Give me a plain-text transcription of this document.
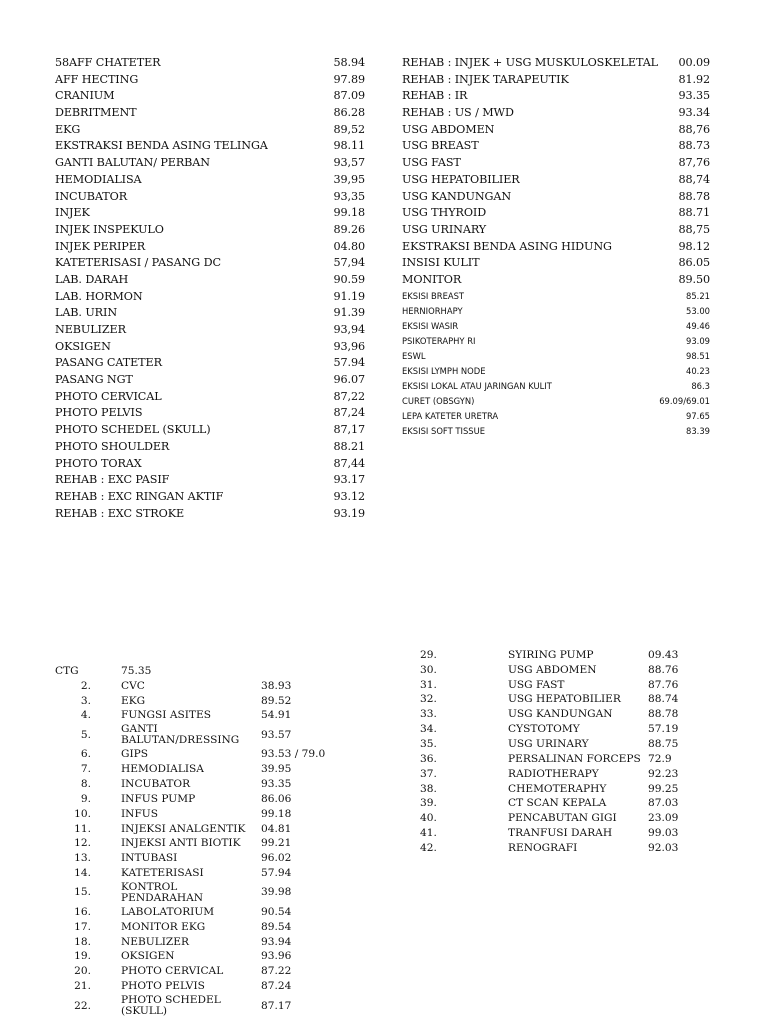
58AFF CHATETER	58.94
AFF HECTING	97.89
CRANIUM	87.09
DEBRITMENT	86.28
EKG	89,52
EKSTRAKSI BENDA ASING TELINGA	98.11
GANTI BALUTAN/ PERBAN	93,57
HEMODIALISA	39,95
INCUBATOR	93,35
INJEK	99.18
INJEK INSPEKULO	89.26
INJEK PERIPER	04.80
KATETERISASI / PASANG DC	57,94
LAB. DARAH	90.59
LAB. HORMON	91.19
LAB. URIN	91.39
NEBULIZER	93,94
OKSIGEN	93,96
PASANG CATETER	57.94
PASANG NGT	96.07
PHOTO CERVICAL	87,22
PHOTO PELVIS	87,24
PHOTO SCHEDEL (SKULL)	87,17
PHOTO SHOULDER	88.21
PHOTO TORAX	87,44
REHAB : EXC PASIF	93.17
REHAB : EXC RINGAN AKTIF	93.12
REHAB : EXC STROKE	93.19
REHAB : INJEK + USG MUSKULOSKELETAL 00.09
REHAB : INJEK TARAPEUTIK	81.92
REHAB : IR	93.35
REHAB : US / MWD	93.34
USG ABDOMEN	88,76
USG BREAST	88.73
USG FAST	87,76
USG HEPATOBILIER	88,74
USG KANDUNGAN	88.78
USG THYROID	88.71
USG URINARY	88,75
EKSTRAKSI BENDA ASING HIDUNG	98.12
INSISI KULIT	86.05
MONITOR	89.50
EKSISI BREAST	85.21
HERNIORHAPY	53.00
EKSISI WASIR	49.46
PSIKOTERAPHY RI	93.09
ESWL	98.51
EKSISI LYMPH NODE	40.23
EKSISI LOKAL ATAU JARINGAN KULIT	86.3
CURET (OBSGYN)	69.09/69.01
LEPA KATETER URETRA	97.65
EKSISI SOFT TISSUE	83.39
CTG	75.35	
2.	CVC	38.93
3.	EKG	89.52
4.	FUNGSI ASITES	54.91
5.	GANTI BALUTAN/DRESSING	93.57
6.	GIPS	93.53 / 79.0
7.	HEMODIALISA	39.95
8.	INCUBATOR	93.35
9.	INFUS PUMP	86.06
10.	INFUS	99.18
11.	INJEKSI ANALGENTIK	04.81
12.	INJEKSI ANTI BIOTIK	99.21
13.	INTUBASI	96.02
14.	KATETERISASI	57.94
15.	KONTROL PENDARAHAN	39.98
16.	LABOLATORIUM	90.54
17.	MONITOR EKG	89.54
18.	NEBULIZER	93.94
19.	OKSIGEN	93.96
20.	PHOTO CERVICAL	87.22
21.	PHOTO PELVIS	87.24
22.	PHOTO SCHEDEL (SKULL)	87.17
29.	SYIRING PUMP	09.43
30.	USG ABDOMEN	88.76
31.	USG FAST	87.76
32.	USG HEPATOBILIER	88.74
33.	USG KANDUNGAN	88.78
34.	CYSTOTOMY	57.19
35.	USG URINARY	88.75
36.	PERSALINAN FORCEPS	72.9
37.	RADIOTHERAPY	92.23
38.	CHEMOTERAPHY	99.25
39.	CT SCAN KEPALA	87.03
40.	PENCABUTAN GIGI	23.09
41.	TRANFUSI DARAH	99.03
42.	RENOGRAFI	92.03
